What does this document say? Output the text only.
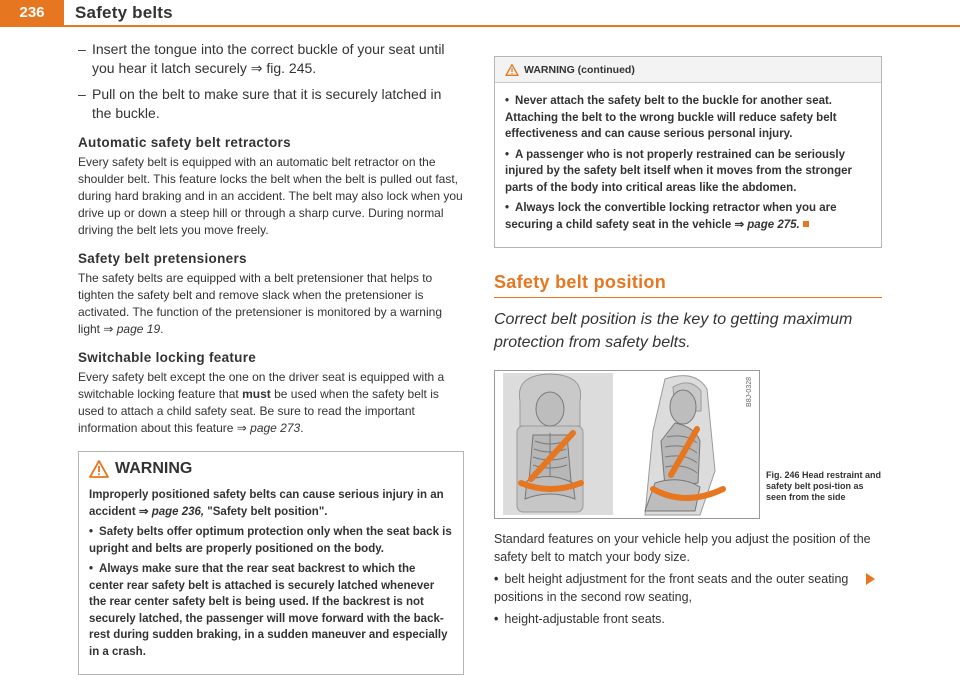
236	Safety belts
– Insert the tongue into the correct buckle of your seat until you hear it latch securely ⇒ fig. 245.
– Pull on the belt to make sure that it is securely latched in the buckle.
Automatic safety belt retractors

Every safety belt is equipped with an automatic belt retractor on the shoulder belt. This feature locks the belt when the belt is pulled out fast, during hard braking and in an accident. The belt may also lock when you drive up or down a steep hill or through a sharp curve. During normal driving the belt lets you move freely.

Safety belt pretensioners

The safety belts are equipped with a belt pretensioner that helps to tighten the safety belt and remove slack when the pretensioner is activated. The function of the pretensioner is monitored by a warning light ⇒ page 19.

Switchable locking feature

Every safety belt except the one on the driver seat is equipped with a switchable locking feature that must be used when the safety belt is used to attach a child safety seat. Be sure to read the important information about this feature ⇒ page 273.

WARNING

Improperly positioned safety belts can cause serious injury in an accident ⇒ page 236, "Safety belt position".

• Safety belts offer optimum protection only when the seat back is upright and belts are properly positioned on the body.

• Always make sure that the rear seat backrest to which the center rear safety belt is attached is securely latched whenever the rear center safety belt is being used. If the backrest is not securely latched, the passenger will move forward with the back-rest during sudden braking, in a sudden maneuver and especially in a crash.

WARNING (continued)

• Never attach the safety belt to the buckle for another seat. Attaching the belt to the wrong buckle will reduce safety belt effectiveness and can cause serious personal injury.

• A passenger who is not properly restrained can be seriously injured by the safety belt itself when it moves from the stronger parts of the body into critical areas like the abdomen.

• Always lock the convertible locking retractor when you are securing a child safety seat in the vehicle ⇒ page 275.

Safety belt position

Correct belt position is the key to getting maximum protection from safety belts.

B8J-0328
Fig. 246 Head restraint and safety belt posi-tion as seen from the side

Standard features on your vehicle help you adjust the position of the safety belt to match your body size.

• belt height adjustment for the front seats and the outer seating positions in the second row seating,

• height-adjustable front seats.
